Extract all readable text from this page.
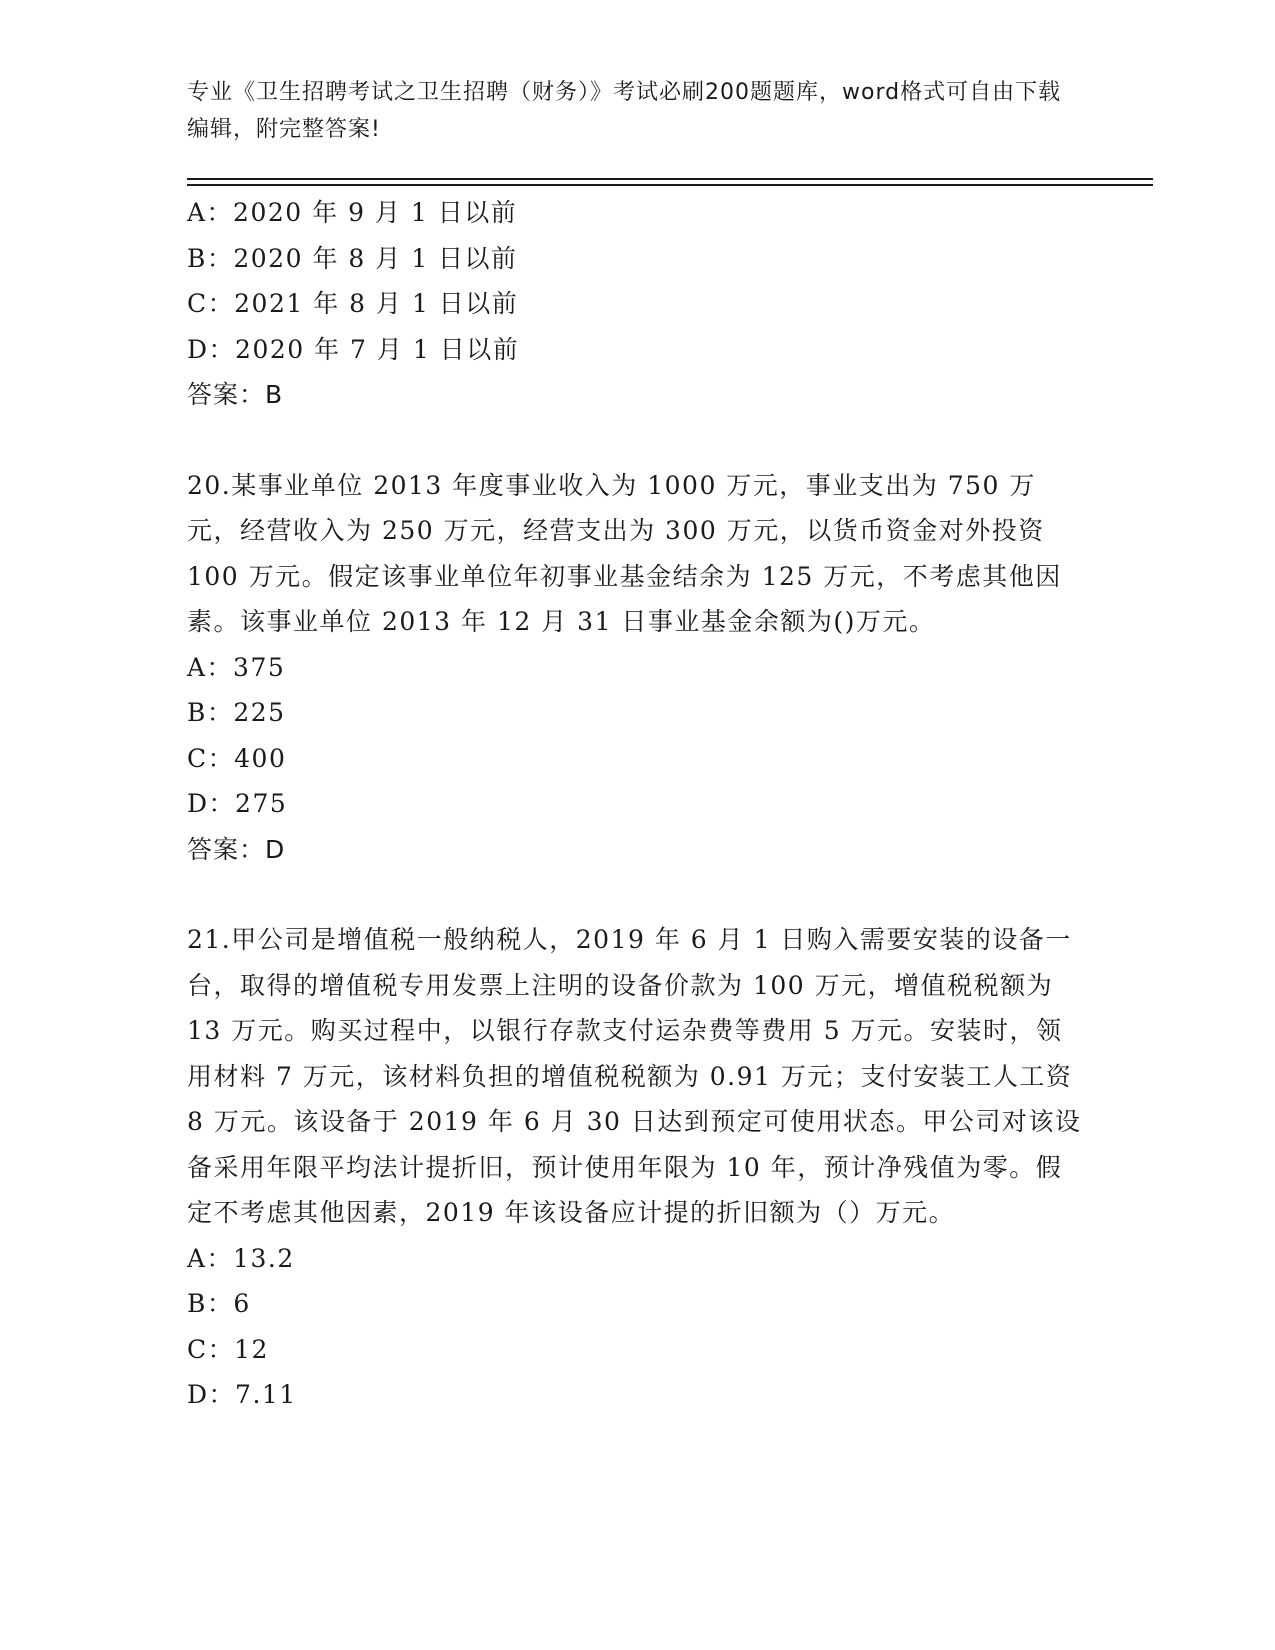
专业《卫生招聘考试之卫生招聘（财务）》考试必刷200题题库，word格式可自由下载编辑，附完整答案!
A：2020 年 9 月 1 日以前
B：2020 年 8 月 1 日以前
C：2021 年 8 月 1 日以前
D：2020 年 7 月 1 日以前
答案：B
20.某事业单位 2013 年度事业收入为 1000 万元，事业支出为 750 万元，经营收入为 250 万元，经营支出为 300 万元，以货币资金对外投资 100 万元。假定该事业单位年初事业基金结余为 125 万元，不考虑其他因素。该事业单位 2013 年 12 月 31 日事业基金余额为()万元。
A：375
B：225
C：400
D：275
答案：D
21.甲公司是增值税一般纳税人，2019 年 6 月 1 日购入需要安装的设备一台，取得的增值税专用发票上注明的设备价款为 100 万元，增值税税额为 13 万元。购买过程中，以银行存款支付运杂费等费用 5 万元。安装时，领用材料 7 万元，该材料负担的增值税税额为 0.91 万元；支付安装工人工资 8 万元。该设备于 2019 年 6 月 30 日达到预定可使用状态。甲公司对该设备采用年限平均法计提折旧，预计使用年限为 10 年，预计净残值为零。假定不考虑其他因素，2019 年该设备应计提的折旧额为（）万元。
A：13.2
B：6
C：12
D：7.11
